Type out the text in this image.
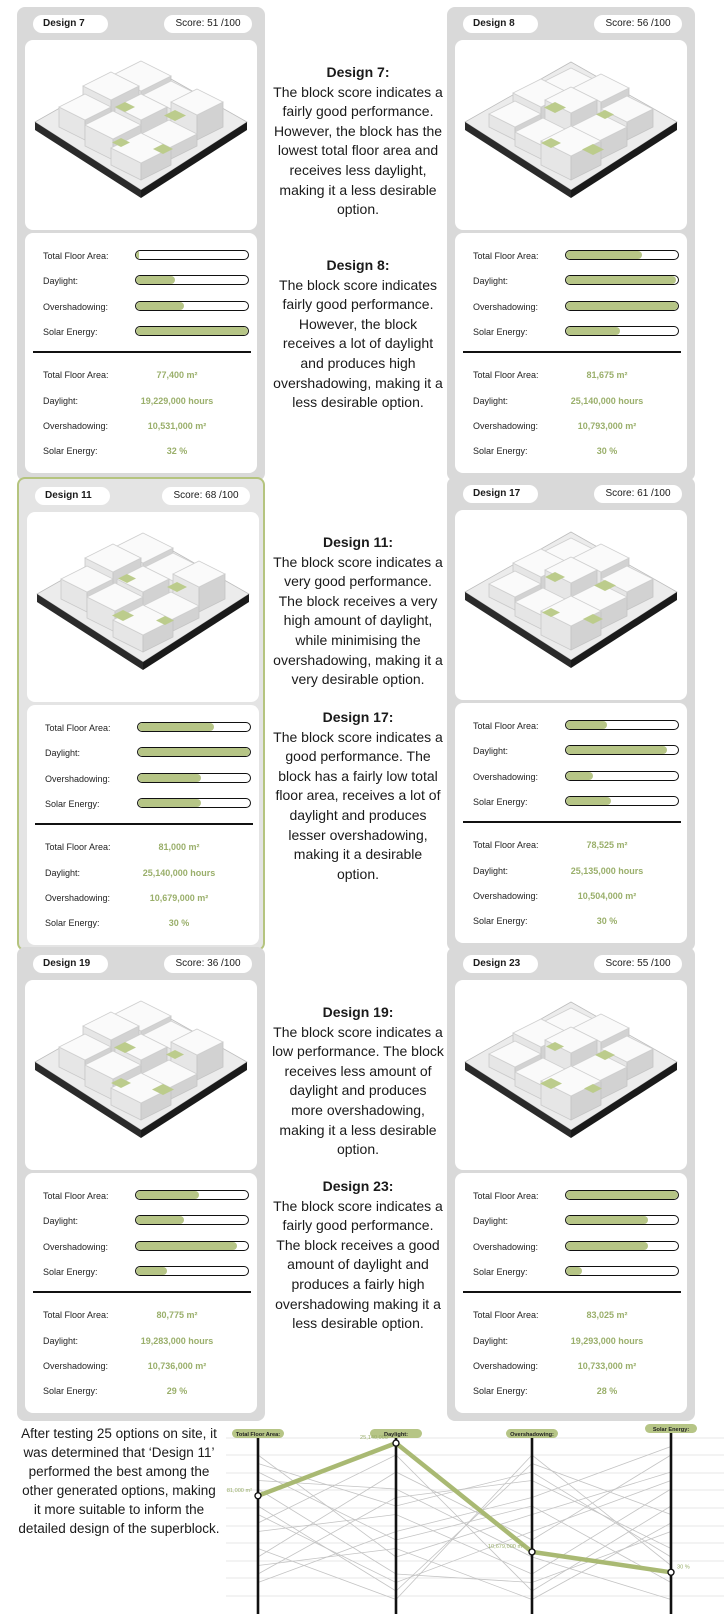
Design 7	Score: 51 /100
Total Floor Area:
Daylight:
Overshadowing:
Solar Energy:
Total Floor Area:	77,400 m²
Daylight:	19,229,000 hours
Overshadowing:	10,531,000 m²
Solar Energy:	32 %
Design 8	Score: 56 /100
Total Floor Area:
Daylight:
Overshadowing:
Solar Energy:
Total Floor Area:	81,675 m²
Daylight:	25,140,000 hours
Overshadowing:	10,793,000 m²
Solar Energy:	30 %
Design 11	Score: 68 /100
Total Floor Area:
Daylight:
Overshadowing:
Solar Energy:
Total Floor Area:	81,000 m²
Daylight:	25,140,000 hours
Overshadowing:	10,679,000 m²
Solar Energy:	30 %
Design 17	Score: 61 /100
Total Floor Area:
Daylight:
Overshadowing:
Solar Energy:
Total Floor Area:	78,525 m²
Daylight:	25,135,000 hours
Overshadowing:	10,504,000 m²
Solar Energy:	30 %
Design 19	Score: 36 /100
Total Floor Area:
Daylight:
Overshadowing:
Solar Energy:
Total Floor Area:	80,775 m²
Daylight:	19,283,000 hours
Overshadowing:	10,736,000 m²
Solar Energy:	29 %
Design 23	Score: 55 /100
Total Floor Area:
Daylight:
Overshadowing:
Solar Energy:
Total Floor Area:	83,025 m²
Daylight:	19,293,000 hours
Overshadowing:	10,733,000 m²
Solar Energy:	28 %
Design 7:

The block score indicates a fairly good performance. However, the block has the lowest total floor area and receives less daylight, making it a less desirable option.

Design 8:

The block score indicates fairly good performance. However, the block receives a lot of daylight and produces high overshadowing, making it a less desirable option.

Design 11:

The block score indicates a very good performance. The block receives a very high amount of daylight, while minimising the overshadowing, making it a very desirable option.

Design 17:

The block score indicates a good performance. The block has a fairly low total floor area, receives a lot of daylight and produces lesser overshadowing, making it a desirable option.

Design 19:

The block score indicates a low performance. The block receives less amount of daylight and produces more overshadowing, making it a less desirable option.

Design 23:

The block score indicates a fairly good performance. The block receives a good amount of daylight and produces a fairly high overshadowing making it a less desirable option.

After testing 25 options on site, it was determined that ‘Design 11’ performed the best among the other generated options, making it more suitable to inform the detailed design of the superblock.
Total Floor Area:	Daylight:	Overshadowing:
Solar Energy:
81,000 m²
25,140,000
10,679,000 m²
30 %
